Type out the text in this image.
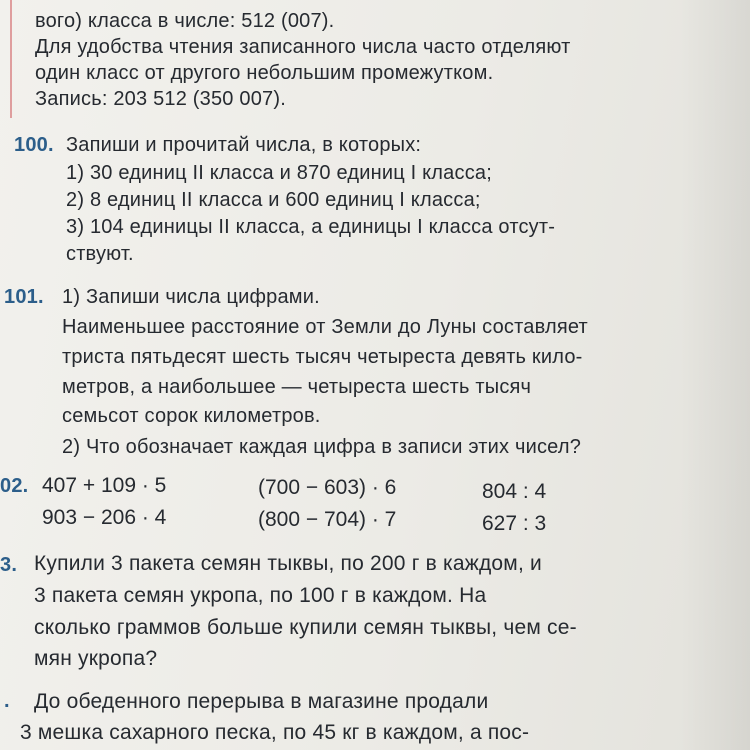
вого) класса в числе: 512 (007).
Для удобства чтения записанного числа часто отделяют
один класс от другого небольшим промежутком.
Запись: 203 512 (350 007).
100. Запиши и прочитай числа, в которых:
1) 30 единиц II класса и 870 единиц I класса;
2) 8 единиц II класса и 600 единиц I класса;
3) 104 единицы II класса, а единицы I класса отсут-
ствуют.
101. 1) Запиши числа цифрами.
Наименьшее расстояние от Земли до Луны составляет
триста пятьдесят шесть тысяч четыреста девять кило-
метров, а наибольшее — четыреста шесть тысяч
семьсот сорок километров.
2) Что обозначает каждая цифра в записи этих чисел?
02. 407 + 109 · 5
903 − 206 · 4
(700 − 603) · 6
(800 − 704) · 7
804 : 4
627 : 3
3. Купили 3 пакета семян тыквы, по 200 г в каждом, и
3 пакета семян укропа, по 100 г в каждом. На
сколько граммов больше купили семян тыквы, чем се-
мян укропа?
. До обеденного перерыва в магазине продали
3 мешка сахарного песка, по 45 кг в каждом, а пос-
